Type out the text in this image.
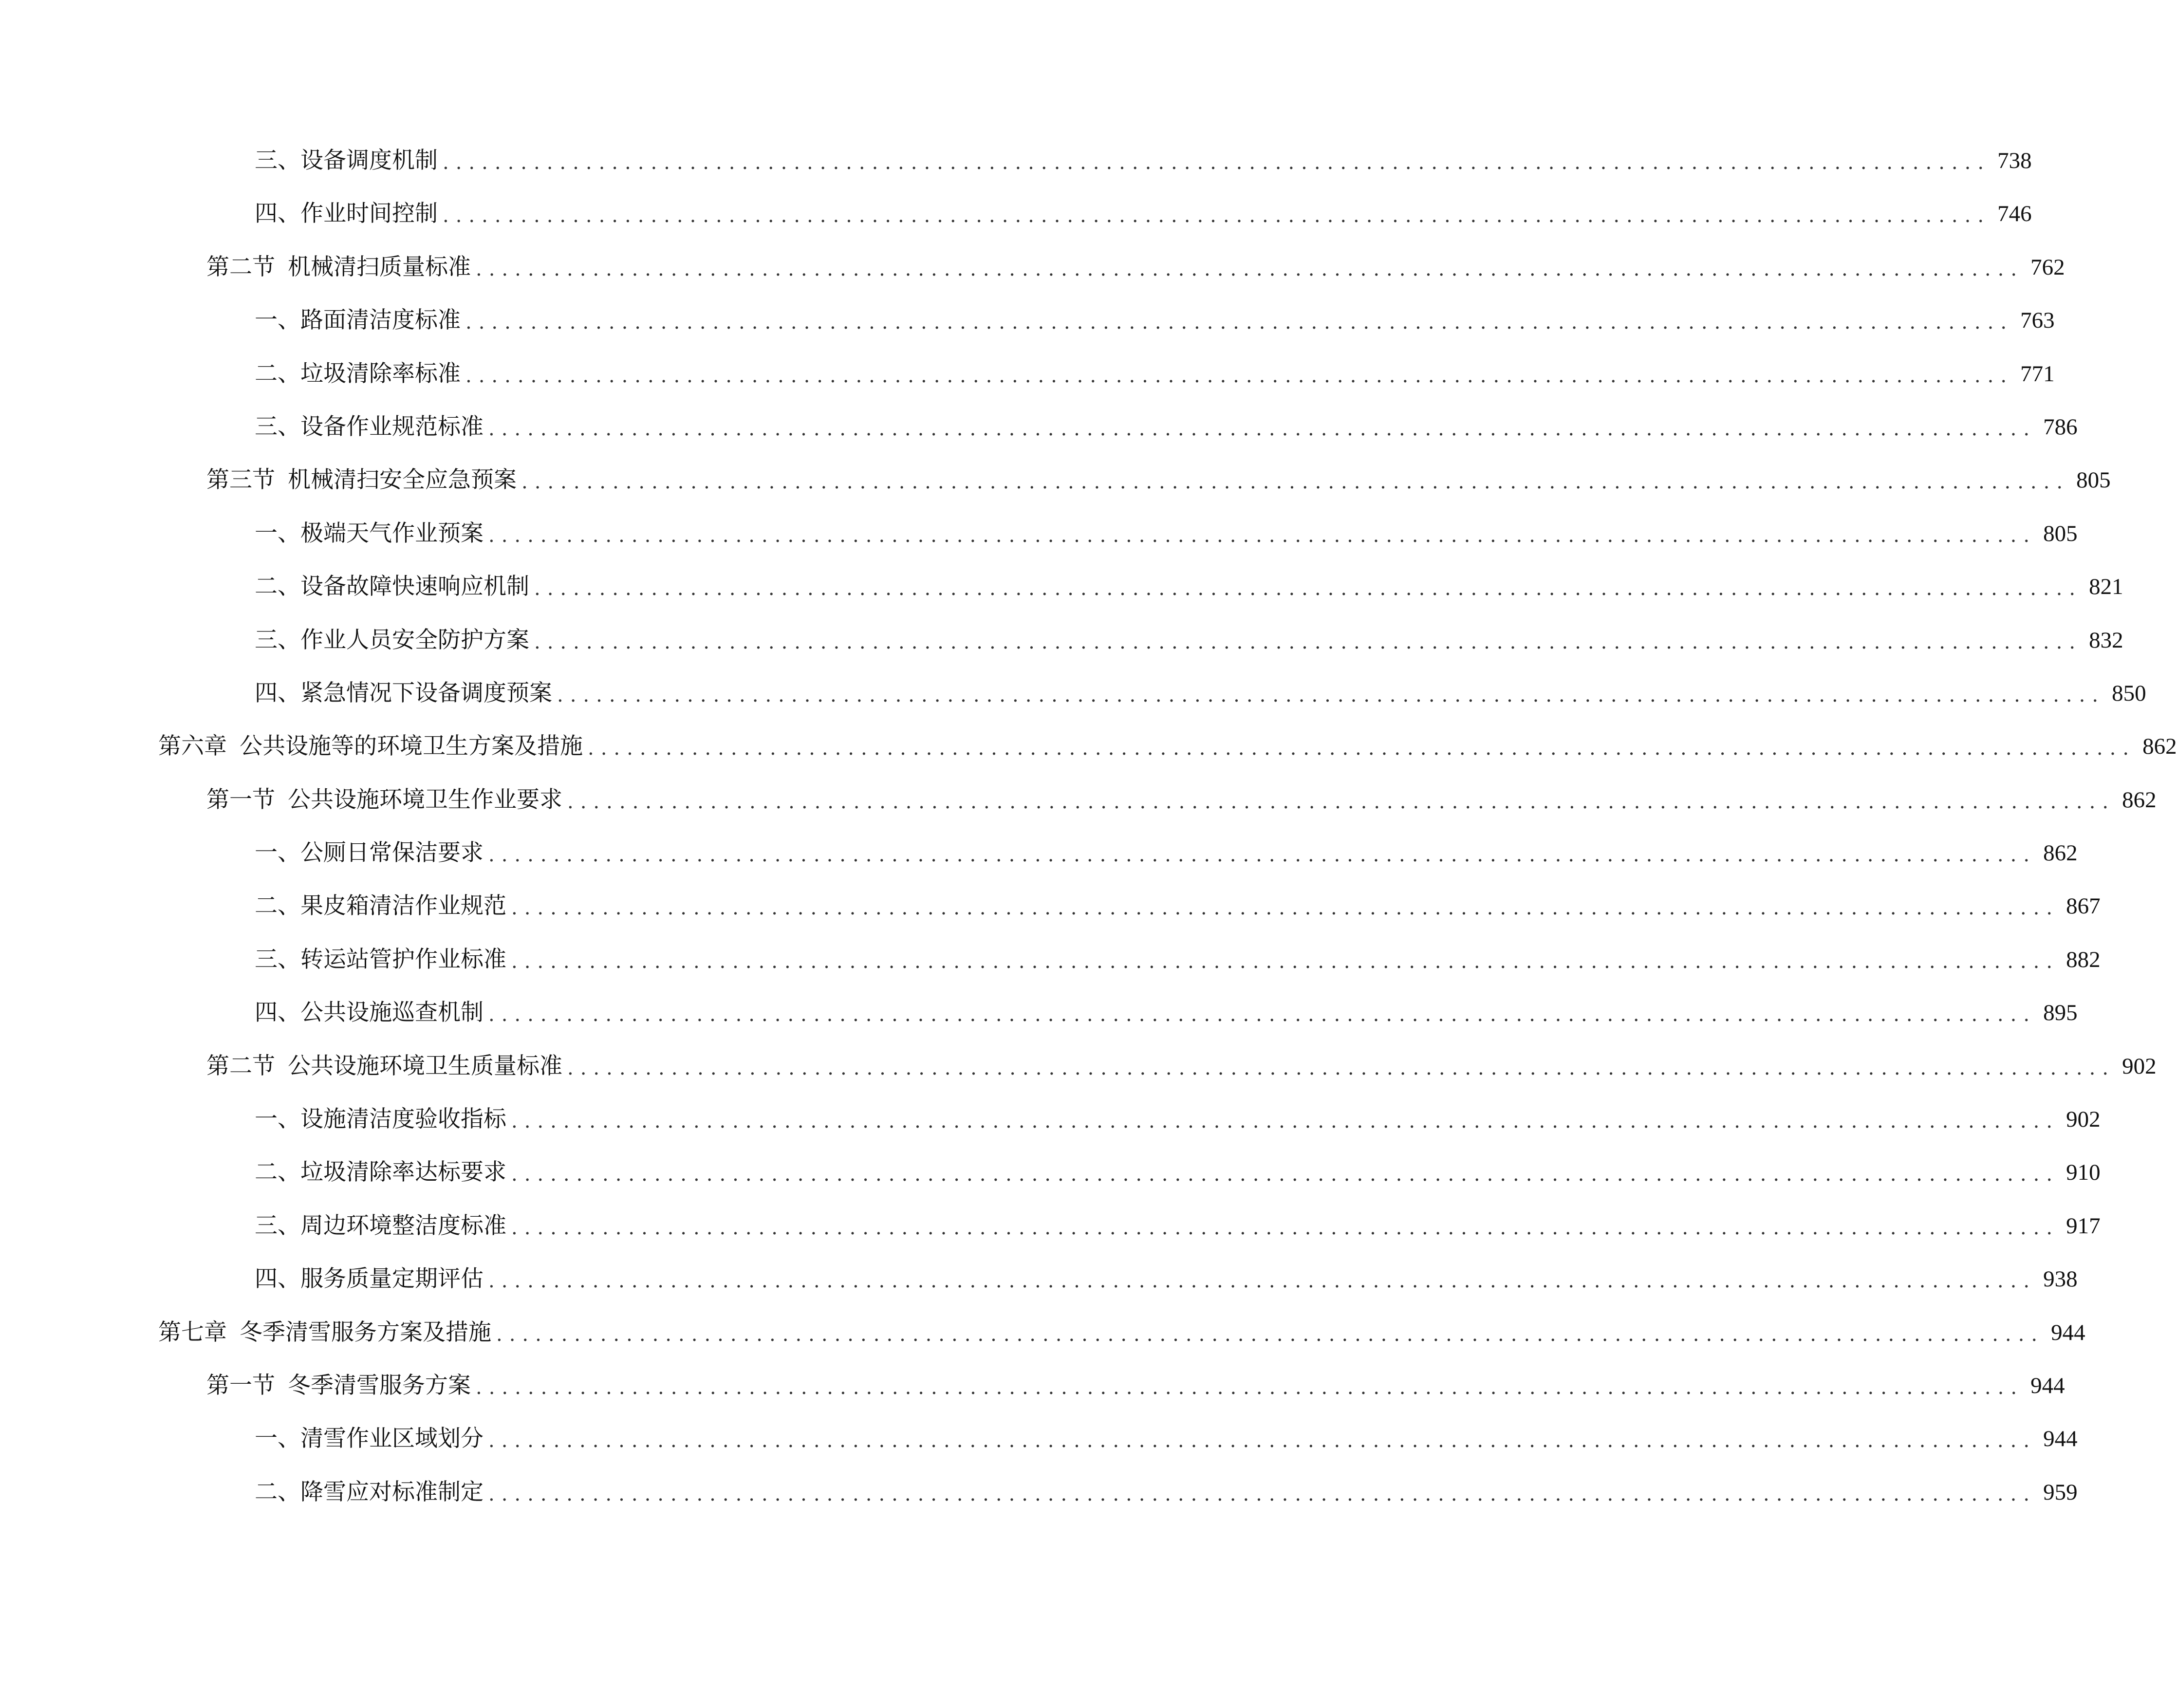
三、 设备调度机制 ....................................................................................................................... 738
四、 作业时间控制 ....................................................................................................................... 746
第二节 机械清扫质量标准 ....................................................................................................................... 762
一、 路面清洁度标准 ....................................................................................................................... 763
二、 垃圾清除率标准 ....................................................................................................................... 771
三、 设备作业规范标准 ....................................................................................................................... 786
第三节 机械清扫安全应急预案 ....................................................................................................................... 805
一、 极端天气作业预案 ....................................................................................................................... 805
二、 设备故障快速响应机制 ....................................................................................................................... 821
三、 作业人员安全防护方案 ....................................................................................................................... 832
四、 紧急情况下设备调度预案 ....................................................................................................................... 850
第六章 公共设施等的环境卫生方案及措施 ....................................................................................................................... 862
第一节 公共设施环境卫生作业要求 ....................................................................................................................... 862
一、 公厕日常保洁要求 ....................................................................................................................... 862
二、 果皮箱清洁作业规范 ....................................................................................................................... 867
三、 转运站管护作业标准 ....................................................................................................................... 882
四、 公共设施巡查机制 ....................................................................................................................... 895
第二节 公共设施环境卫生质量标准 ....................................................................................................................... 902
一、 设施清洁度验收指标 ....................................................................................................................... 902
二、 垃圾清除率达标要求 ....................................................................................................................... 910
三、 周边环境整洁度标准 ....................................................................................................................... 917
四、 服务质量定期评估 ....................................................................................................................... 938
第七章 冬季清雪服务方案及措施 ....................................................................................................................... 944
第一节 冬季清雪服务方案 ....................................................................................................................... 944
一、 清雪作业区域划分 ....................................................................................................................... 944
二、 降雪应对标准制定 ....................................................................................................................... 959
